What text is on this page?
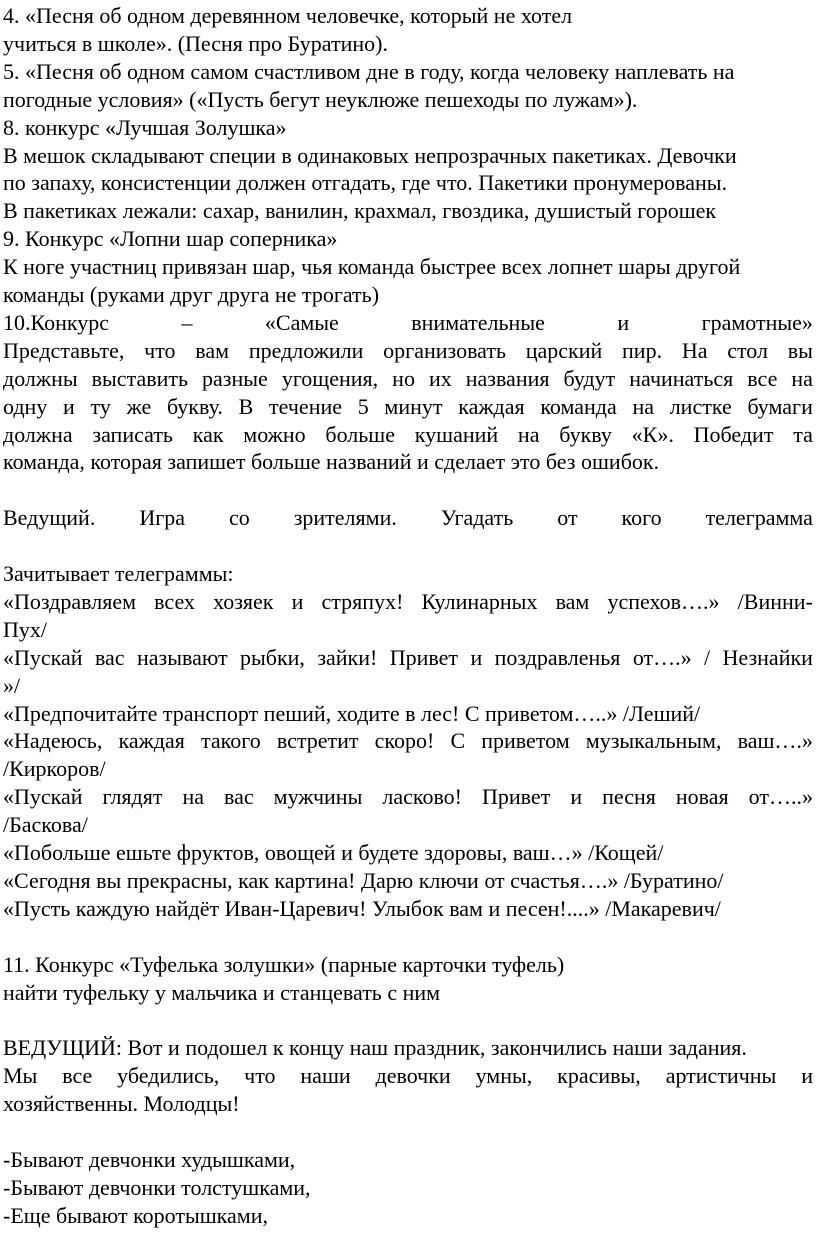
4. «Песня об одном деревянном человечке, который не хотел
учиться в школе». (Песня про Буратино).
5. «Песня об одном самом счастливом дне в году, когда человеку наплевать на
погодные условия» («Пусть бегут неуклюже пешеходы по лужам»).
8. конкурс «Лучшая Золушка»
В мешок складывают специи в одинаковых непрозрачных пакетиках. Девочки
по запаху, консистенции должен отгадать, где что. Пакетики пронумерованы.
В пакетиках лежали: сахар, ванилин, крахмал, гвоздика, душистый горошек
9. Конкурс «Лопни шар соперника»
К ноге участниц привязан шар, чья команда быстрее всех лопнет шары другой
команды (руками друг друга не трогать)
10.Конкурс	–	«Самые	внимательные	и	грамотные»
Представьте, что вам предложили организовать царский пир. На стол вы
должны выставить разные угощения, но их названия будут начинаться все на
одну и ту же букву. В течение 5 минут каждая команда на листке бумаги
должна записать как можно больше кушаний на букву «К». Победит та
команда, которая запишет больше названий и сделает это без ошибок.
Ведущий. Игра со зрителями. Угадать от кого телеграмма
Зачитывает телеграммы:
«Поздравляем всех хозяек и стряпух! Кулинарных вам успехов….» /Винни-
Пух/
«Пускай вас называют рыбки, зайки! Привет и поздравленья от….» / Незнайки
»/
«Предпочитайте транспорт пеший, ходите в лес! С приветом…..» /Леший/
«Надеюсь, каждая такого встретит скоро! С приветом музыкальным, ваш….»
/Киркоров/
«Пускай глядят на вас мужчины ласково! Привет и песня новая от…..»
/Баскова/
«Побольше ешьте фруктов, овощей и будете здоровы, ваш…» /Кощей/
«Сегодня вы прекрасны, как картина! Дарю ключи от счастья….» /Буратино/
«Пусть каждую найдёт Иван-Царевич! Улыбок вам и песен!....» /Макаревич/
11. Конкурс «Туфелька золушки» (парные карточки туфель)
найти туфельку у мальчика и станцевать с ним
ВЕДУЩИЙ: Вот и подошел к концу наш праздник, закончились наши задания.
Мы все убедились, что наши девочки умны, красивы, артистичны и
хозяйственны. Молодцы!
-Бывают девчонки худышками,
-Бывают девчонки толстушками,
-Еще бывают коротышками,
